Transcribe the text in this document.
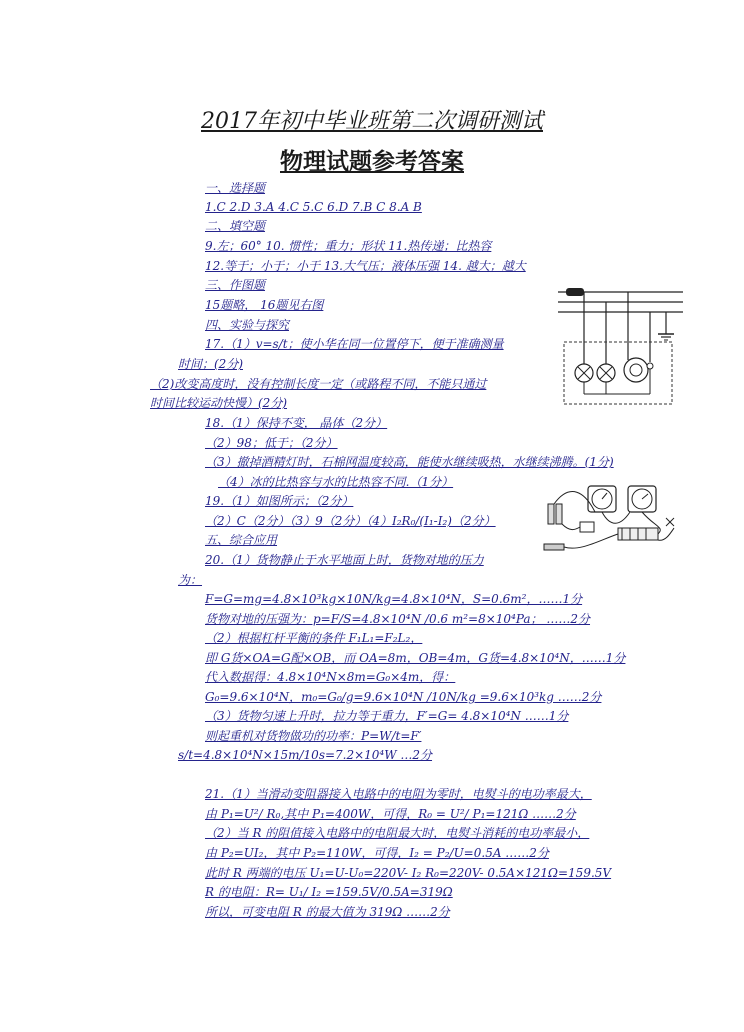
2017年初中毕业班第二次调研测试
物理试题参考答案
一、选择题
1.C 2.D 3.A 4.C 5.C 6.D 7.B C 8.A B
二、填空题
9.左；60° 10. 惯性；重力；形状 11.热传递；比热容
12.等于；小于；小于 13.大气压；液体压强 14. 越大；越大
三、作图题
15题略， 16题见右图
四、实验与探究
17.（1）v=s/t；使小华在同一位置停下，便于准确测量
时间；(2分)
（2)改变高度时，没有控制长度一定（或路程不同，不能只通过
时间比较运动快慢）(2分)
18.（1）保持不变， 晶体（2分）
（2）98；低于；（2分）
（3）撤掉酒精灯时，石棉网温度较高，能使水继续吸热，水继续沸腾。(1分)
（4）冰的比热容与水的比热容不同.（1分）
19.（1）如图所示；（2分）
（2）C（2分）（3）9（2分）（4）I₂R₀/(I₁-I₂)（2分）
五、综合应用
20.（1）货物静止于水平地面上时，货物对地的压力
为：
F=G=mg=4.8×10³kg×10N/kg=4.8×10⁴N，S=0.6m²，……1分
货物对地的压强为：p=F/S=4.8×10⁴N /0.6 m²=8×10⁴Pa； ……2分
（2）根据杠杆平衡的条件 F₁L₁=F₂L₂，
即 G货×OA=G配×OB，而 OA=8m，OB=4m，G货=4.8×10⁴N，……1分
代入数据得：4.8×10⁴N×8m=G₀×4m，得：
G₀=9.6×10⁴N，m₀=G₀/g=9.6×10⁴N /10N/kg =9.6×10³kg ……2分
（3）货物匀速上升时，拉力等于重力，F′=G= 4.8×10⁴N ……1分
则起重机对货物做功的功率：P=W/t=F′
s/t=4.8×10⁴N×15m/10s=7.2×10⁴W …2分
21.（1）当滑动变阻器接入电路中的电阻为零时，电熨斗的电功率最大，
由 P₁=U²/ R₀,其中 P₁=400W，可得，R₀ = U²/ P₁=121Ω ……2分
（2）当 R 的阻值接入电路中的电阻最大时，电熨斗消耗的电功率最小，
由 P₂=UI₂，其中 P₂=110W，可得，I₂ = P₂/U=0.5A ……2分
此时 R 两端的电压 U₁=U-U₀=220V- I₂ R₀=220V- 0.5A×121Ω=159.5V
R 的电阻：R= U₁/ I₂ =159.5V/0.5A=319Ω
所以，可变电阻 R 的最大值为 319Ω ……2分
